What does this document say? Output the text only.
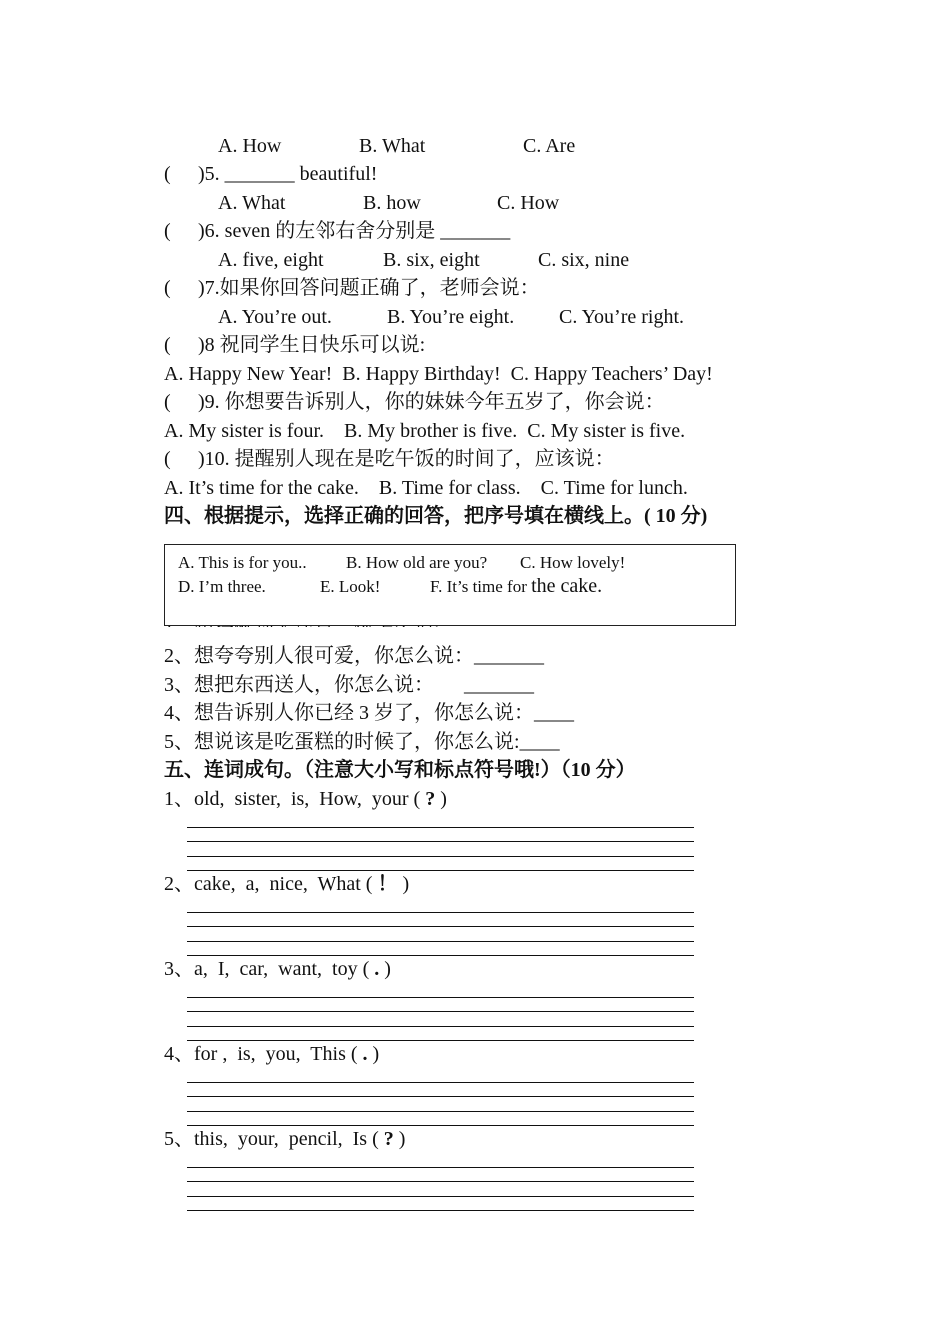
A. How	B. What	C. Are
( )5. _______ beautiful!
A. What	B. how	C. How
( )6. seven 的左邻右舍分别是 _______
A. five, eight	B. six, eight	C. six, nine
( )7.如果你回答问题正确了，老师会说：
A. You’re out.	B. You’re eight. C. You’re right.
( )8 祝同学生日快乐可以说:
A. Happy New Year!  B. Happy Birthday!  C. Happy Teachers’ Day!
( )9. 你想要告诉别人，你的妹妹今年五岁了，你会说：
A. My sister is four.    B. My brother is five.  C. My sister is five.
( )10. 提醒别人现在是吃午饭的时间了，应该说：
A. It’s time for the cake.    B. Time for class.    C. Time for lunch.
四、根据提示，选择正确的回答，把序号填在横线上。( 10 分)
A. This is for you.. B. How old are you? C. How lovely!
D. I’m three.	E. Look!	F. It’s time for the cake.
2、想夸夸别人很可爱，你怎么说：_______
3、想把东西送人，你怎么说： _______
4、想告诉别人你已经 3 岁了，你怎么说：____
5、想说该是吃蛋糕的时候了，你怎么说:____
五、连词成句。（注意大小写和标点符号哦!）（10 分）
1、old,  sister,  is,  How,  your ( ? )
2、cake,  a,  nice,  What ( ！ )
3、a,  I,  car,  want,  toy ( . )
4、for ,  is,  you,  This ( . )
5、this,  your,  pencil,  Is ( ? )
